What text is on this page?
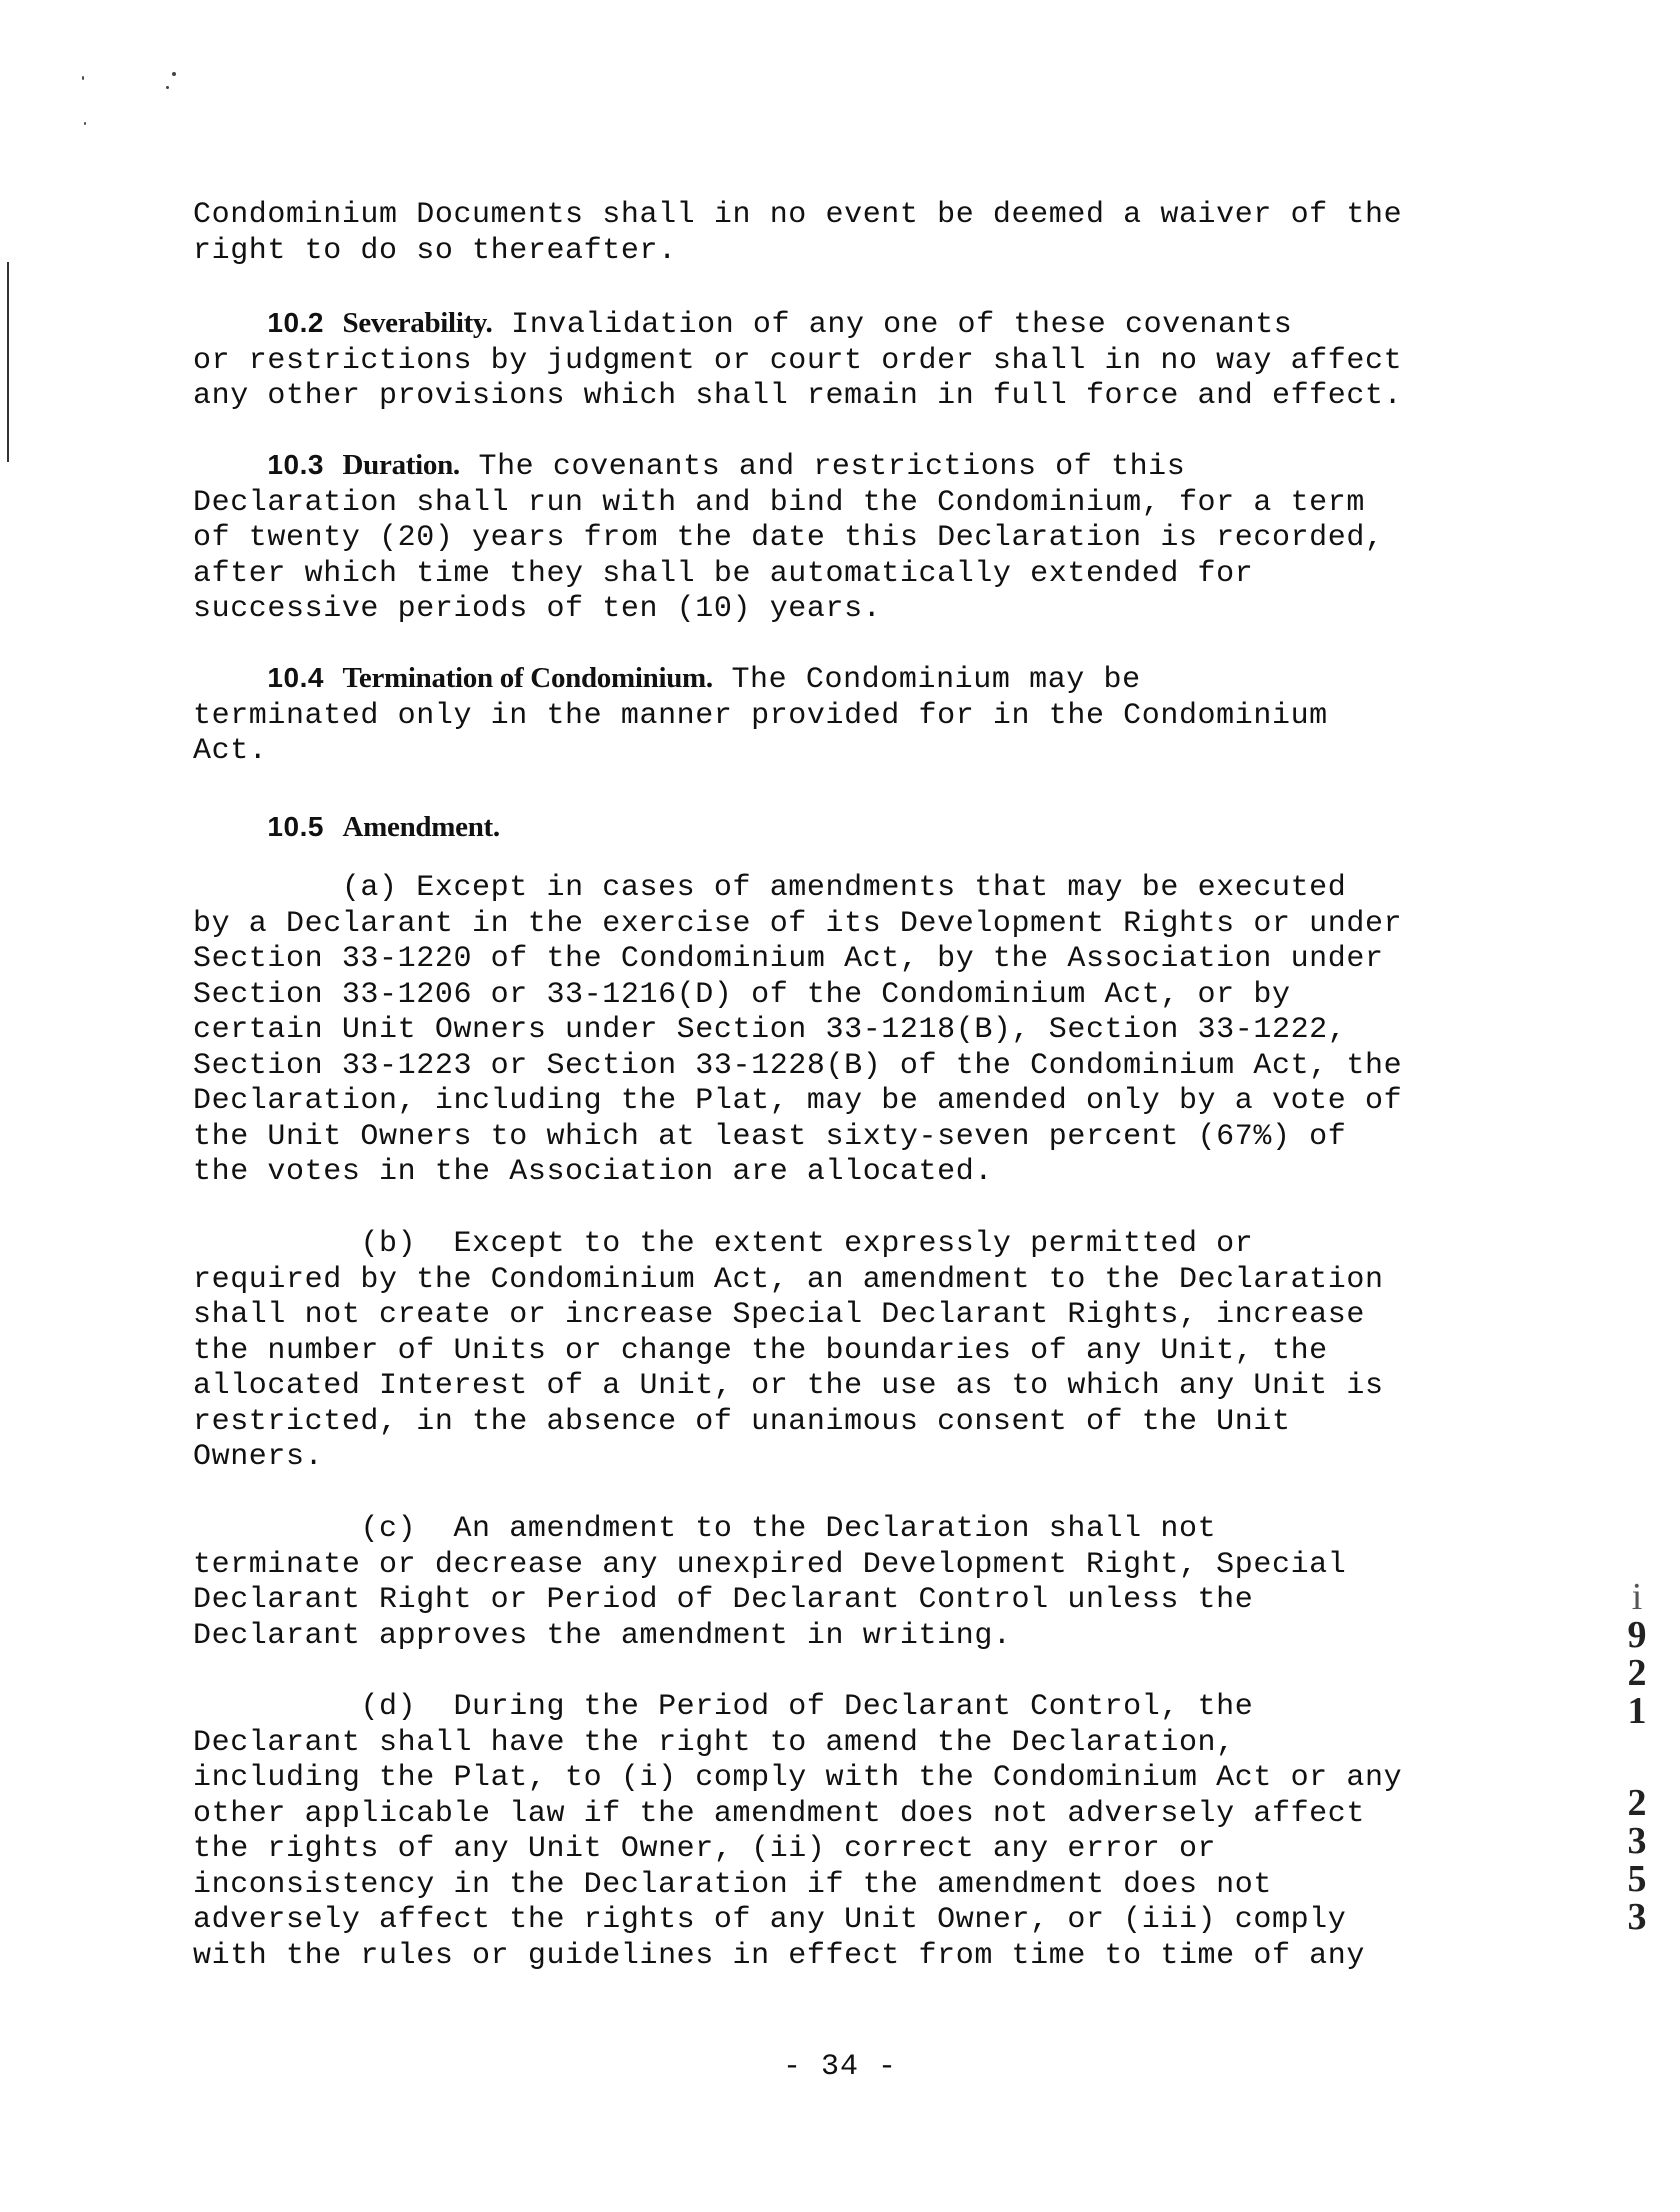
Condominium Documents shall in no event be deemed a waiver of the
right to do so thereafter.
10.2 Severability. Invalidation of any one of these covenants
or restrictions by judgment or court order shall in no way affect
any other provisions which shall remain in full force and effect.
10.3 Duration. The covenants and restrictions of this
Declaration shall run with and bind the Condominium, for a term
of twenty (20) years from the date this Declaration is recorded,
after which time they shall be automatically extended for
successive periods of ten (10) years.
10.4 Termination of Condominium. The Condominium may be
terminated only in the manner provided for in the Condominium
Act.
10.5 Amendment.
(a) Except in cases of amendments that may be executed
by a Declarant in the exercise of its Development Rights or under
Section 33-1220 of the Condominium Act, by the Association under
Section 33-1206 or 33-1216(D) of the Condominium Act, or by
certain Unit Owners under Section 33-1218(B), Section 33-1222,
Section 33-1223 or Section 33-1228(B) of the Condominium Act, the
Declaration, including the Plat, may be amended only by a vote of
the Unit Owners to which at least sixty-seven percent (67%) of
the votes in the Association are allocated.
(b)  Except to the extent expressly permitted or
required by the Condominium Act, an amendment to the Declaration
shall not create or increase Special Declarant Rights, increase
the number of Units or change the boundaries of any Unit, the
allocated Interest of a Unit, or the use as to which any Unit is
restricted, in the absence of unanimous consent of the Unit
Owners.
(c)  An amendment to the Declaration shall not
terminate or decrease any unexpired Development Right, Special
Declarant Right or Period of Declarant Control unless the
Declarant approves the amendment in writing.
(d)  During the Period of Declarant Control, the
Declarant shall have the right to amend the Declaration,
including the Plat, to (i) comply with the Condominium Act or any
other applicable law if the amendment does not adversely affect
the rights of any Unit Owner, (ii) correct any error or
inconsistency in the Declaration if the amendment does not
adversely affect the rights of any Unit Owner, or (iii) comply
with the rules or guidelines in effect from time to time of any
i
9
2
1
2
3
5
3
- 34 -
